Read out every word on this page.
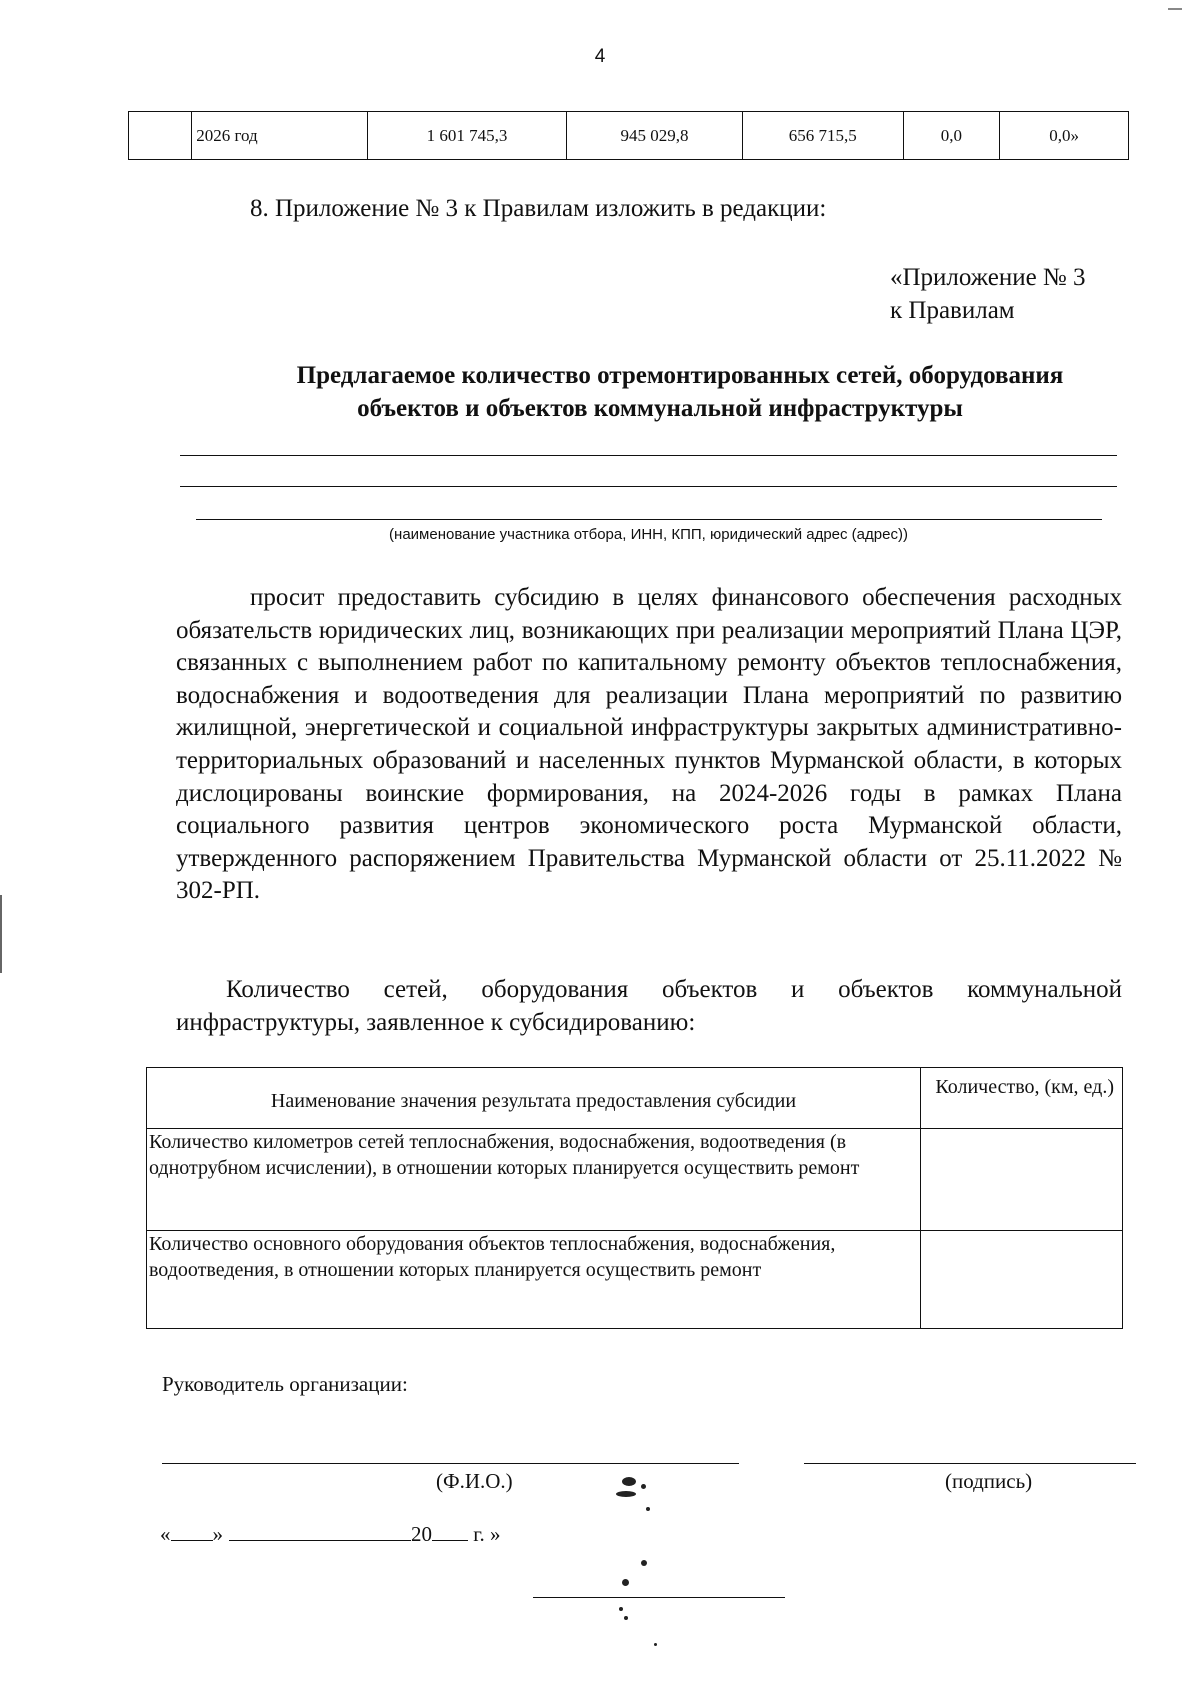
4
	2026 год	1 601 745,3	945 029,8	656 715,5	0,0	0,0»
8. Приложение № 3 к Правилам изложить в редакции:
«Приложение № 3
к Правилам
Предлагаемое количество отремонтированных сетей, оборудования
объектов и объектов коммунальной инфраструктуры
(наименование участника отбора, ИНН, КПП, юридический адрес (адрес))
просит предоставить субсидию в целях финансового обеспечения расходных обязательств юридических лиц, возникающих при реализации мероприятий Плана ЦЭР, связанных с выполнением работ по капитальному ремонту объектов теплоснабжения, водоснабжения и водоотведения для реализации Плана мероприятий по развитию жилищной, энергетической и социальной инфраструктуры закрытых административно-территориальных образований и населенных пунктов Мурманской области, в которых дислоцированы воинские формирования, на 2024-2026 годы в рамках Плана социального развития центров экономического роста Мурманской области, утвержденного распоряжением Правительства Мурманской области от 25.11.2022 № 302-РП.
Количество сетей, оборудования объектов и объектов коммунальной инфраструктуры, заявленное к субсидированию:
Наименование значения результата предоставления субсидии	Количество, (км, ед.)
Количество километров сетей теплоснабжения, водоснабжения, водоотведения (в однотрубном исчислении), в отношении которых планируется осуществить ремонт	
Количество основного оборудования объектов теплоснабжения, водоснабжения, водоотведения, в отношении которых планируется осуществить ремонт	
Руководитель организации:
(Ф.И.О.)	(подпись)
« »	20 г. »
